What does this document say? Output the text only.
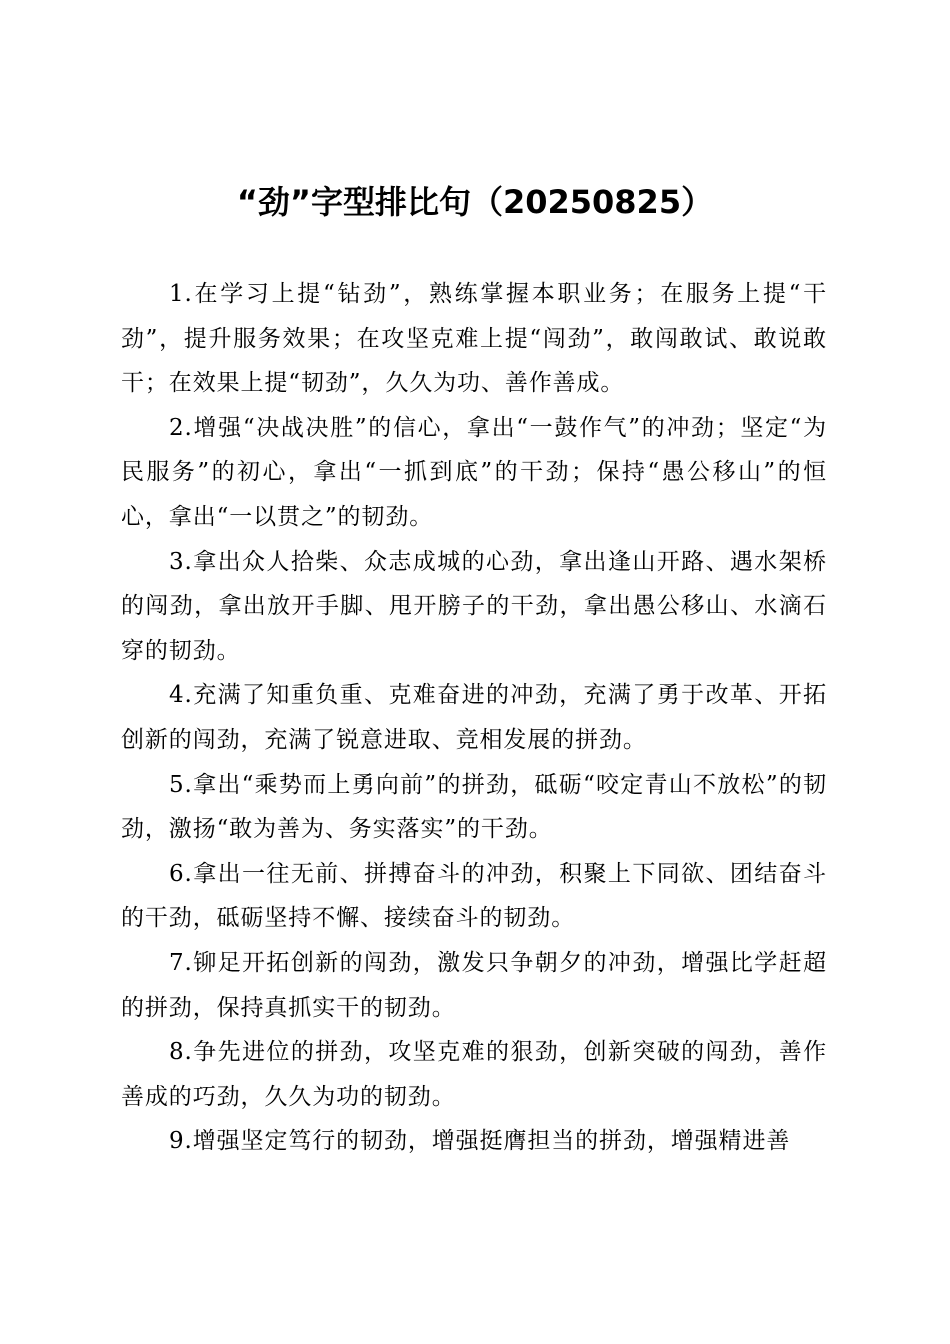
“劲”字型排比句（20250825）

1.在学习上提“钻劲”，熟练掌握本职业务；在服务上提“干劲”，提升服务效果；在攻坚克难上提“闯劲”，敢闯敢试、敢说敢干；在效果上提“韧劲”，久久为功、善作善成。

2.增强“决战决胜”的信心，拿出“一鼓作气”的冲劲；坚定“为民服务”的初心，拿出“一抓到底”的干劲；保持“愚公移山”的恒心，拿出“一以贯之”的韧劲。

3.拿出众人拾柴、众志成城的心劲，拿出逢山开路、遇水架桥的闯劲，拿出放开手脚、甩开膀子的干劲，拿出愚公移山、水滴石穿的韧劲。

4.充满了知重负重、克难奋进的冲劲，充满了勇于改革、开拓创新的闯劲，充满了锐意进取、竞相发展的拼劲。

5.拿出“乘势而上勇向前”的拼劲，砥砺“咬定青山不放松”的韧劲，激扬“敢为善为、务实落实”的干劲。

6.拿出一往无前、拼搏奋斗的冲劲，积聚上下同欲、团结奋斗的干劲，砥砺坚持不懈、接续奋斗的韧劲。

7.铆足开拓创新的闯劲，激发只争朝夕的冲劲，增强比学赶超的拼劲，保持真抓实干的韧劲。

8.争先进位的拼劲，攻坚克难的狠劲，创新突破的闯劲，善作善成的巧劲，久久为功的韧劲。

9.增强坚定笃行的韧劲，增强挺膺担当的拼劲，增强精进善
